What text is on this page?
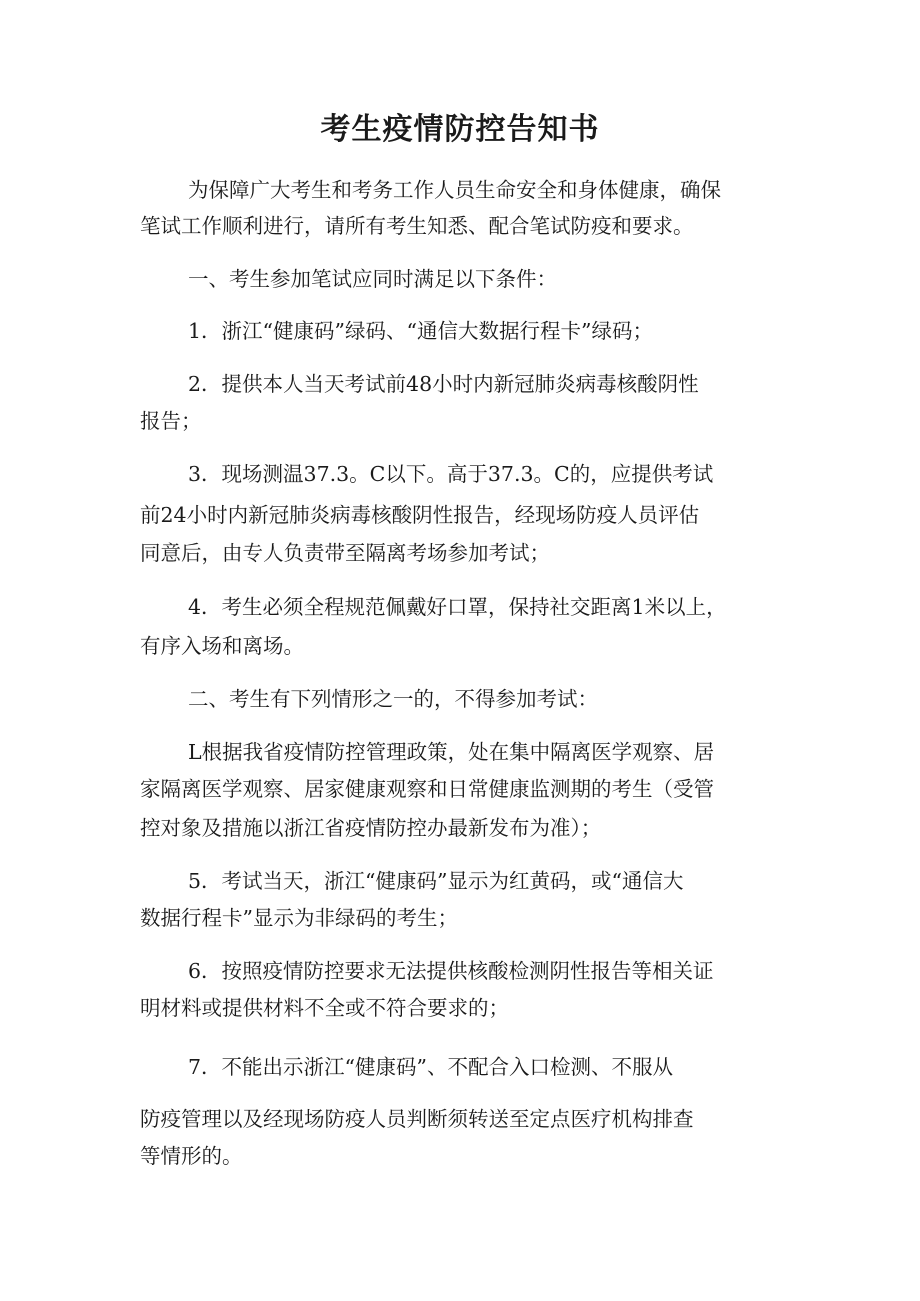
考生疫情防控告知书

为保障广大考生和考务工作人员生命安全和身体健康，确保

笔试工作顺利进行，请所有考生知悉、配合笔试防疫和要求。

一、考生参加笔试应同时满足以下条件：

1．浙江“健康码”绿码、“通信大数据行程卡”绿码；

2．提供本人当天考试前48小时内新冠肺炎病毒核酸阴性

报告；

3．现场测温37.3。C以下。高于37.3。C的，应提供考试

前24小时内新冠肺炎病毒核酸阴性报告，经现场防疫人员评估

同意后，由专人负责带至隔离考场参加考试；

4．考生必须全程规范佩戴好口罩，保持社交距离1米以上，

有序入场和离场。

二、考生有下列情形之一的，不得参加考试：

L根据我省疫情防控管理政策，处在集中隔离医学观察、居

家隔离医学观察、居家健康观察和日常健康监测期的考生（受管

控对象及措施以浙江省疫情防控办最新发布为准）；

5．考试当天，浙江“健康码”显示为红黄码，或“通信大

数据行程卡”显示为非绿码的考生；

6．按照疫情防控要求无法提供核酸检测阴性报告等相关证

明材料或提供材料不全或不符合要求的；

7．不能出示浙江“健康码”、不配合入口检测、不服从

防疫管理以及经现场防疫人员判断须转送至定点医疗机构排查

等情形的。
